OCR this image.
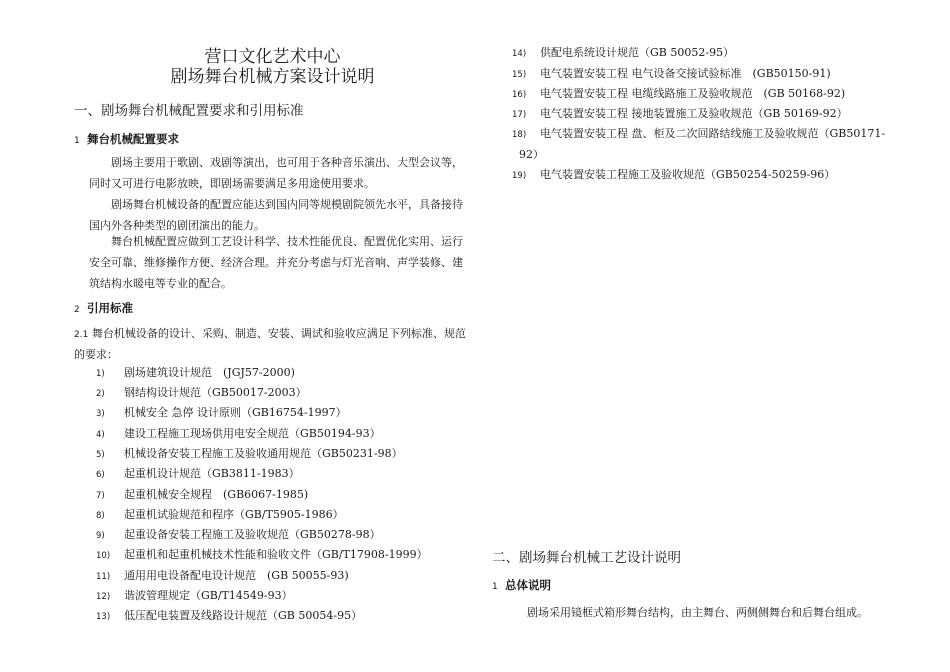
营口文化艺术中心
剧场舞台机械方案设计说明
一、剧场舞台机械配置要求和引用标准
1 舞台机械配置要求
剧场主要用于歌剧、戏剧等演出，也可用于各种音乐演出、大型会议等，同时又可进行电影放映，即剧场需要满足多用途使用要求。
剧场舞台机械设备的配置应能达到国内同等规模剧院领先水平，具备接待国内外各种类型的剧团演出的能力。
舞台机械配置应做到工艺设计科学、技术性能优良、配置优化实用、运行安全可靠、维修操作方便、经济合理。并充分考虑与灯光音响、声学装修、建筑结构水暖电等专业的配合。
2 引用标准
2.1 舞台机械设备的设计、采购、制造、安装、调试和验收应满足下列标准、规范的要求：
1) 剧场建筑设计规范　(JGJ57-2000)
2) 钢结构设计规范（GB50017-2003）
3) 机械安全 急停 设计原则（GB16754-1997）
4) 建设工程施工现场供用电安全规范（GB50194-93）
5) 机械设备安装工程施工及验收通用规范（GB50231-98）
6) 起重机设计规范（GB3811-1983）
7) 起重机械安全规程　(GB6067-1985)
8) 起重机试验规范和程序（GB/T5905-1986）
9) 起重设备安装工程施工及验收规范（GB50278-98）
10) 起重机和起重机械技术性能和验收文件（GB/T17908-1999）
11) 通用用电设备配电设计规范　(GB 50055-93)
12) 谐波管理规定（GB/T14549-93）
13) 低压配电装置及线路设计规范（GB 50054-95）
14) 供配电系统设计规范（GB 50052-95）
15) 电气装置安装工程 电气设备交接试验标准　(GB50150-91)
16) 电气装置安装工程 电缆线路施工及验收规范　(GB 50168-92)
17) 电气装置安装工程 接地装置施工及验收规范（GB 50169-92）
18) 电气装置安装工程 盘、柜及二次回路结线施工及验收规范（GB50171-
92）
19) 电气装置安装工程施工及验收规范（GB50254-50259-96）
二、剧场舞台机械工艺设计说明
1 总体说明
剧场采用镜框式箱形舞台结构，由主舞台、两侧侧舞台和后舞台组成。
